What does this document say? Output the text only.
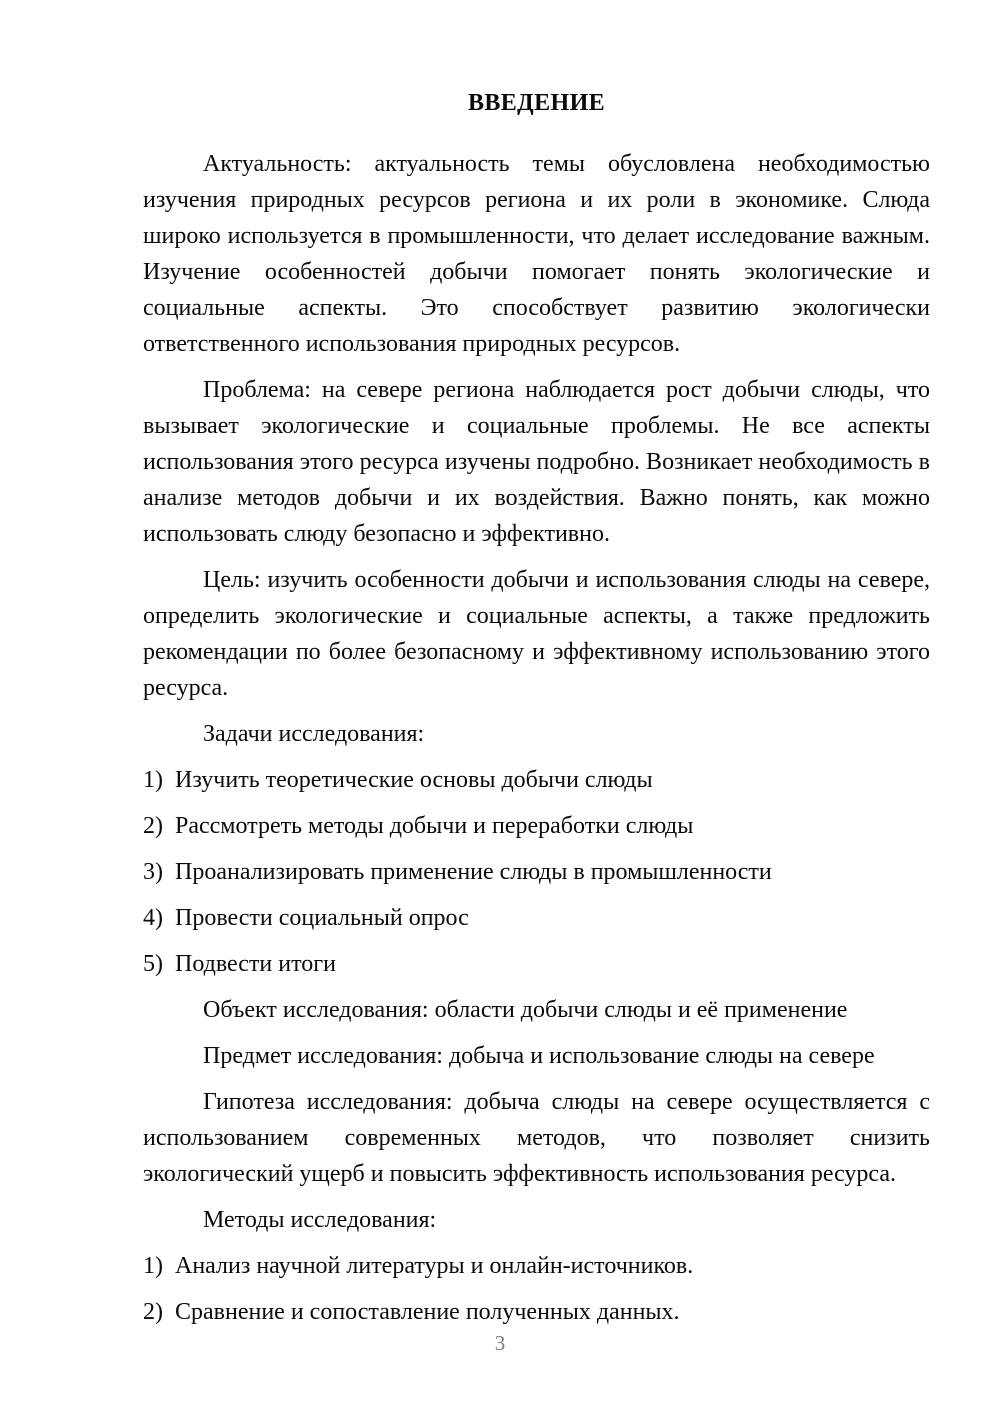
ВВЕДЕНИЕ

Актуальность: актуальность темы обусловлена необходимостью изучения природных ресурсов региона и их роли в экономике. Слюда широко используется в промышленности, что делает исследование важным. Изучение особенностей добычи помогает понять экологические и социальные аспекты. Это способствует развитию экологически ответственного использования природных ресурсов.

Проблема: на севере региона наблюдается рост добычи слюды, что вызывает экологические и социальные проблемы. Не все аспекты использования этого ресурса изучены подробно. Возникает необходимость в анализе методов добычи и их воздействия. Важно понять, как можно использовать слюду безопасно и эффективно.

Цель: изучить особенности добычи и использования слюды на севере, определить экологические и социальные аспекты, а также предложить рекомендации по более безопасному и эффективному использованию этого ресурса.

Задачи исследования:

1) Изучить теоретические основы добычи слюды
2) Рассмотреть методы добычи и переработки слюды
3) Проанализировать применение слюды в промышленности
4) Провести социальный опрос
5) Подвести итоги

Объект исследования: области добычи слюды и её применение

Предмет исследования: добыча и использование слюды на севере

Гипотеза исследования: добыча слюды на севере осуществляется с использованием современных методов, что позволяет снизить экологический ущерб и повысить эффективность использования ресурса.

Методы исследования:

1) Анализ научной литературы и онлайн-источников.
2) Сравнение и сопоставление полученных данных.
3
